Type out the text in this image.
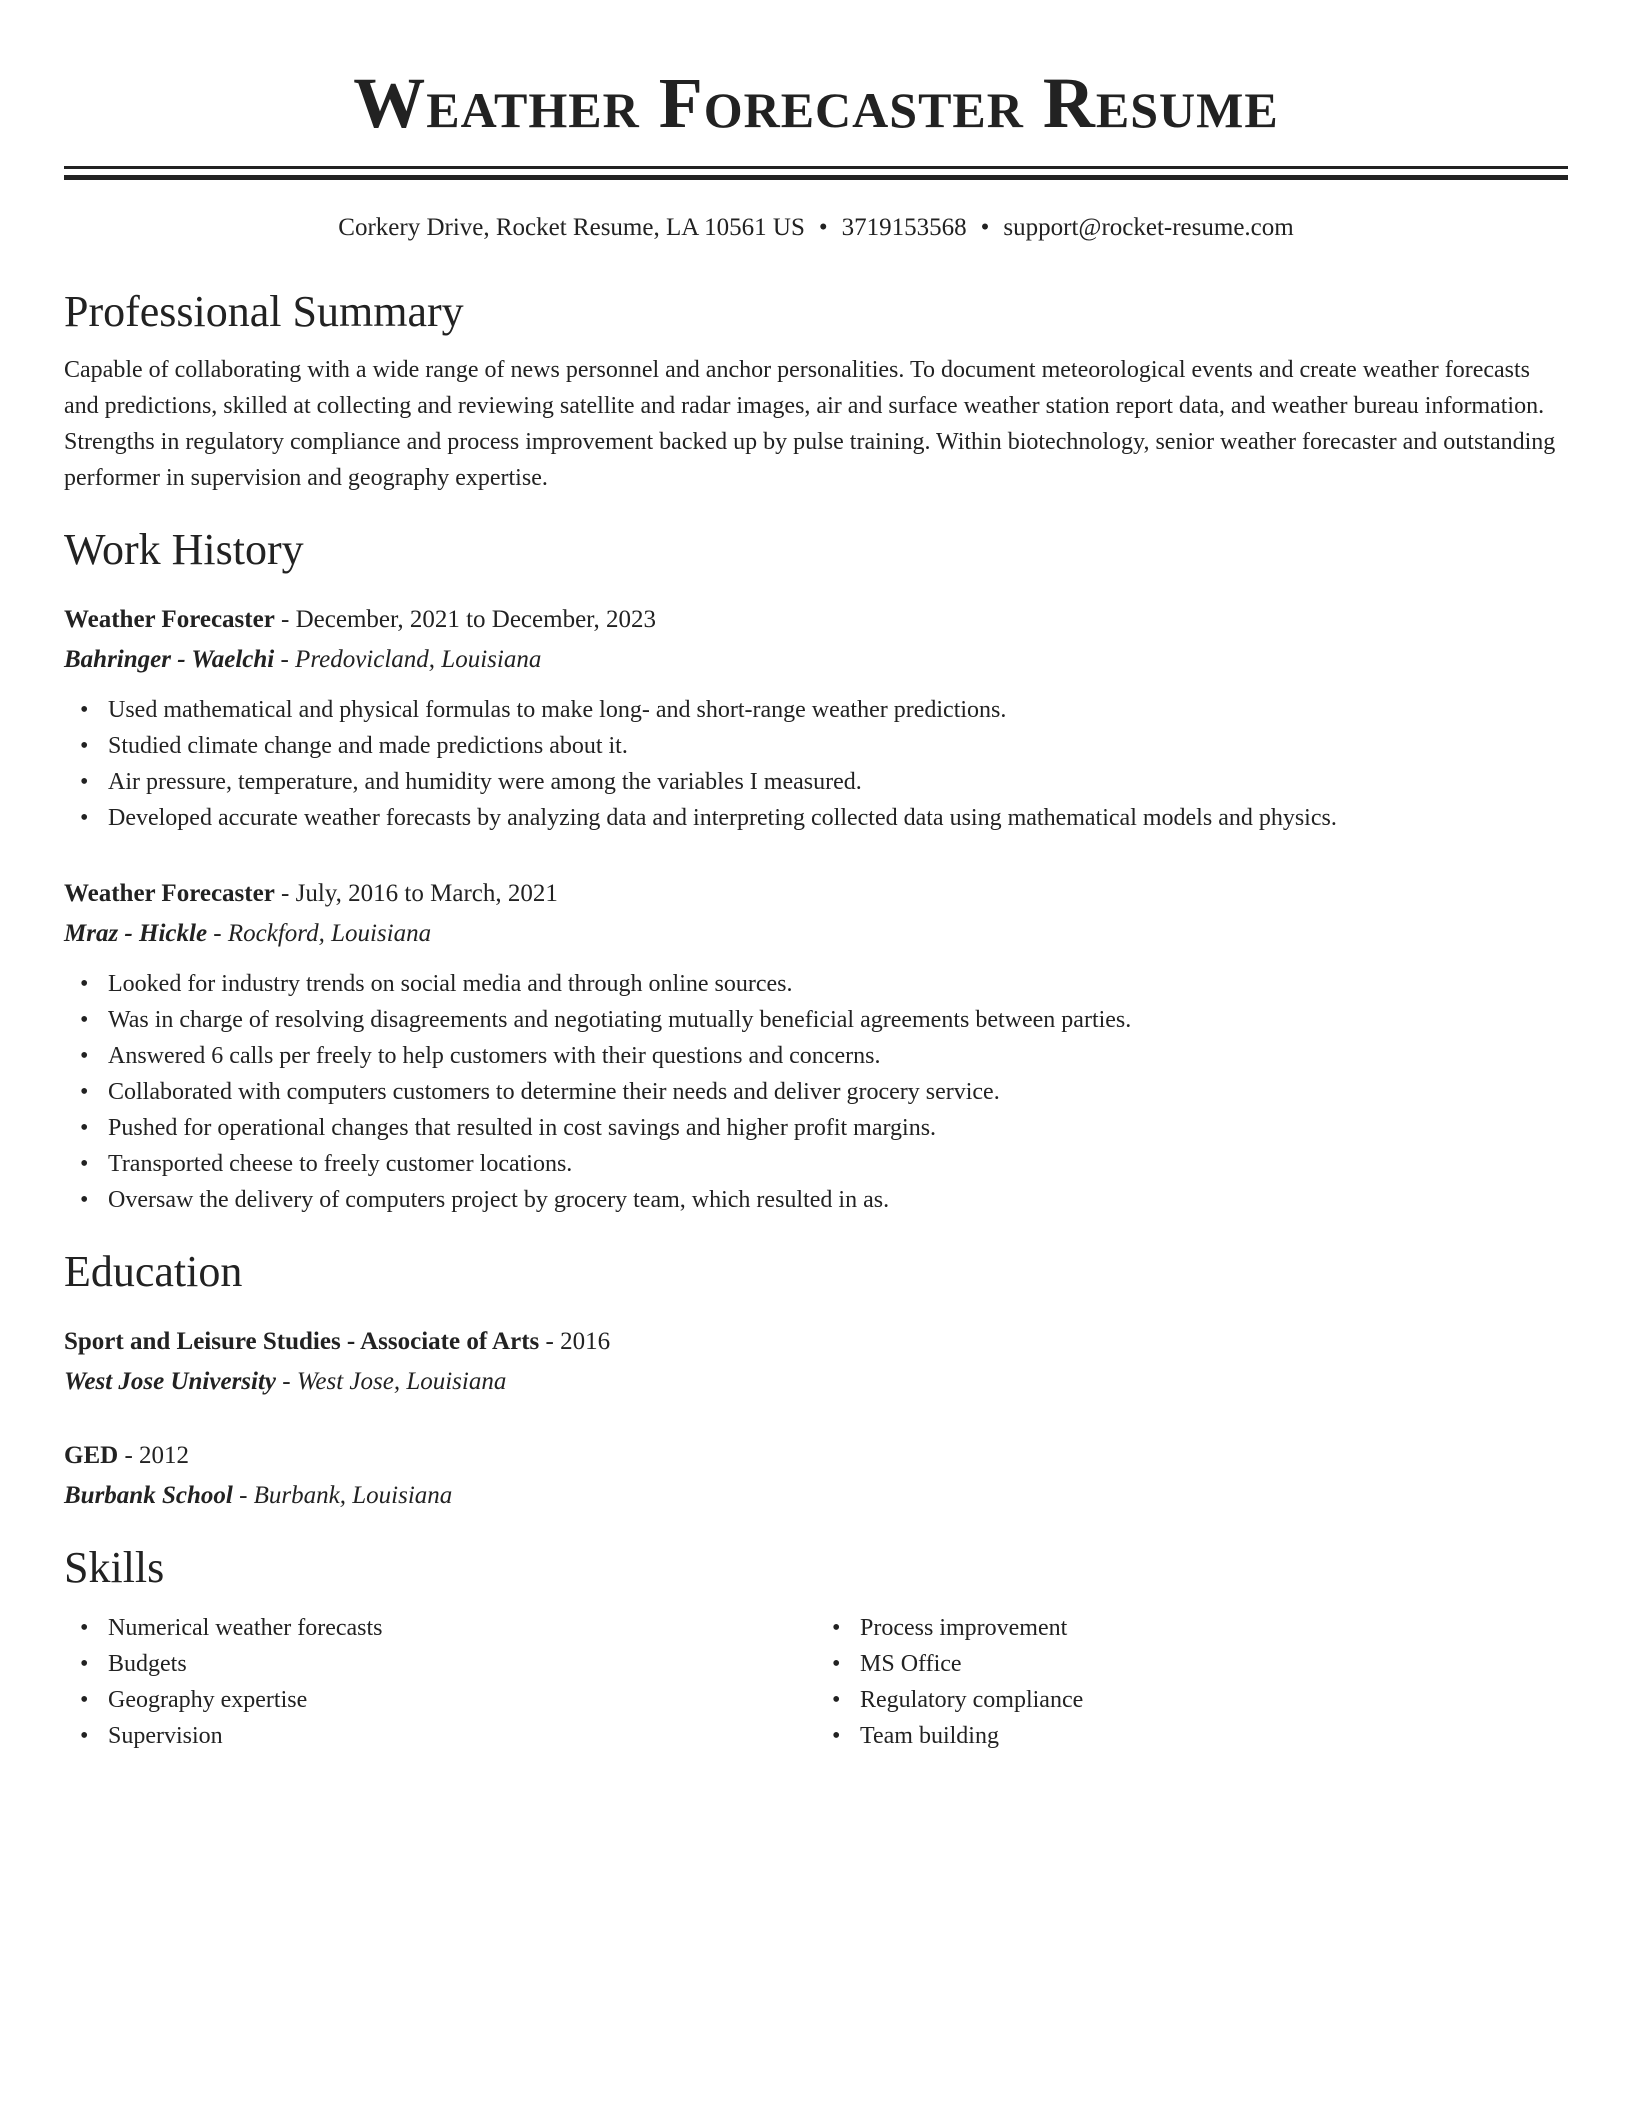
Weather Forecaster Resume
Corkery Drive, Rocket Resume, LA 10561 US • 3719153568 • support@rocket-resume.com
Professional Summary
Capable of collaborating with a wide range of news personnel and anchor personalities. To document meteorological events and create weather forecasts and predictions, skilled at collecting and reviewing satellite and radar images, air and surface weather station report data, and weather bureau information. Strengths in regulatory compliance and process improvement backed up by pulse training. Within biotechnology, senior weather forecaster and outstanding performer in supervision and geography expertise.
Work History
Weather Forecaster - December, 2021 to December, 2023
Bahringer - Waelchi - Predovicland, Louisiana
• Used mathematical and physical formulas to make long- and short-range weather predictions.
• Studied climate change and made predictions about it.
• Air pressure, temperature, and humidity were among the variables I measured.
• Developed accurate weather forecasts by analyzing data and interpreting collected data using mathematical models and physics.
Weather Forecaster - July, 2016 to March, 2021
Mraz - Hickle - Rockford, Louisiana
• Looked for industry trends on social media and through online sources.
• Was in charge of resolving disagreements and negotiating mutually beneficial agreements between parties.
• Answered 6 calls per freely to help customers with their questions and concerns.
• Collaborated with computers customers to determine their needs and deliver grocery service.
• Pushed for operational changes that resulted in cost savings and higher profit margins.
• Transported cheese to freely customer locations.
• Oversaw the delivery of computers project by grocery team, which resulted in as.
Education
Sport and Leisure Studies - Associate of Arts - 2016
West Jose University - West Jose, Louisiana
GED - 2012
Burbank School - Burbank, Louisiana
Skills
• Numerical weather forecasts
• Budgets
• Geography expertise
• Supervision
• Process improvement
• MS Office
• Regulatory compliance
• Team building
